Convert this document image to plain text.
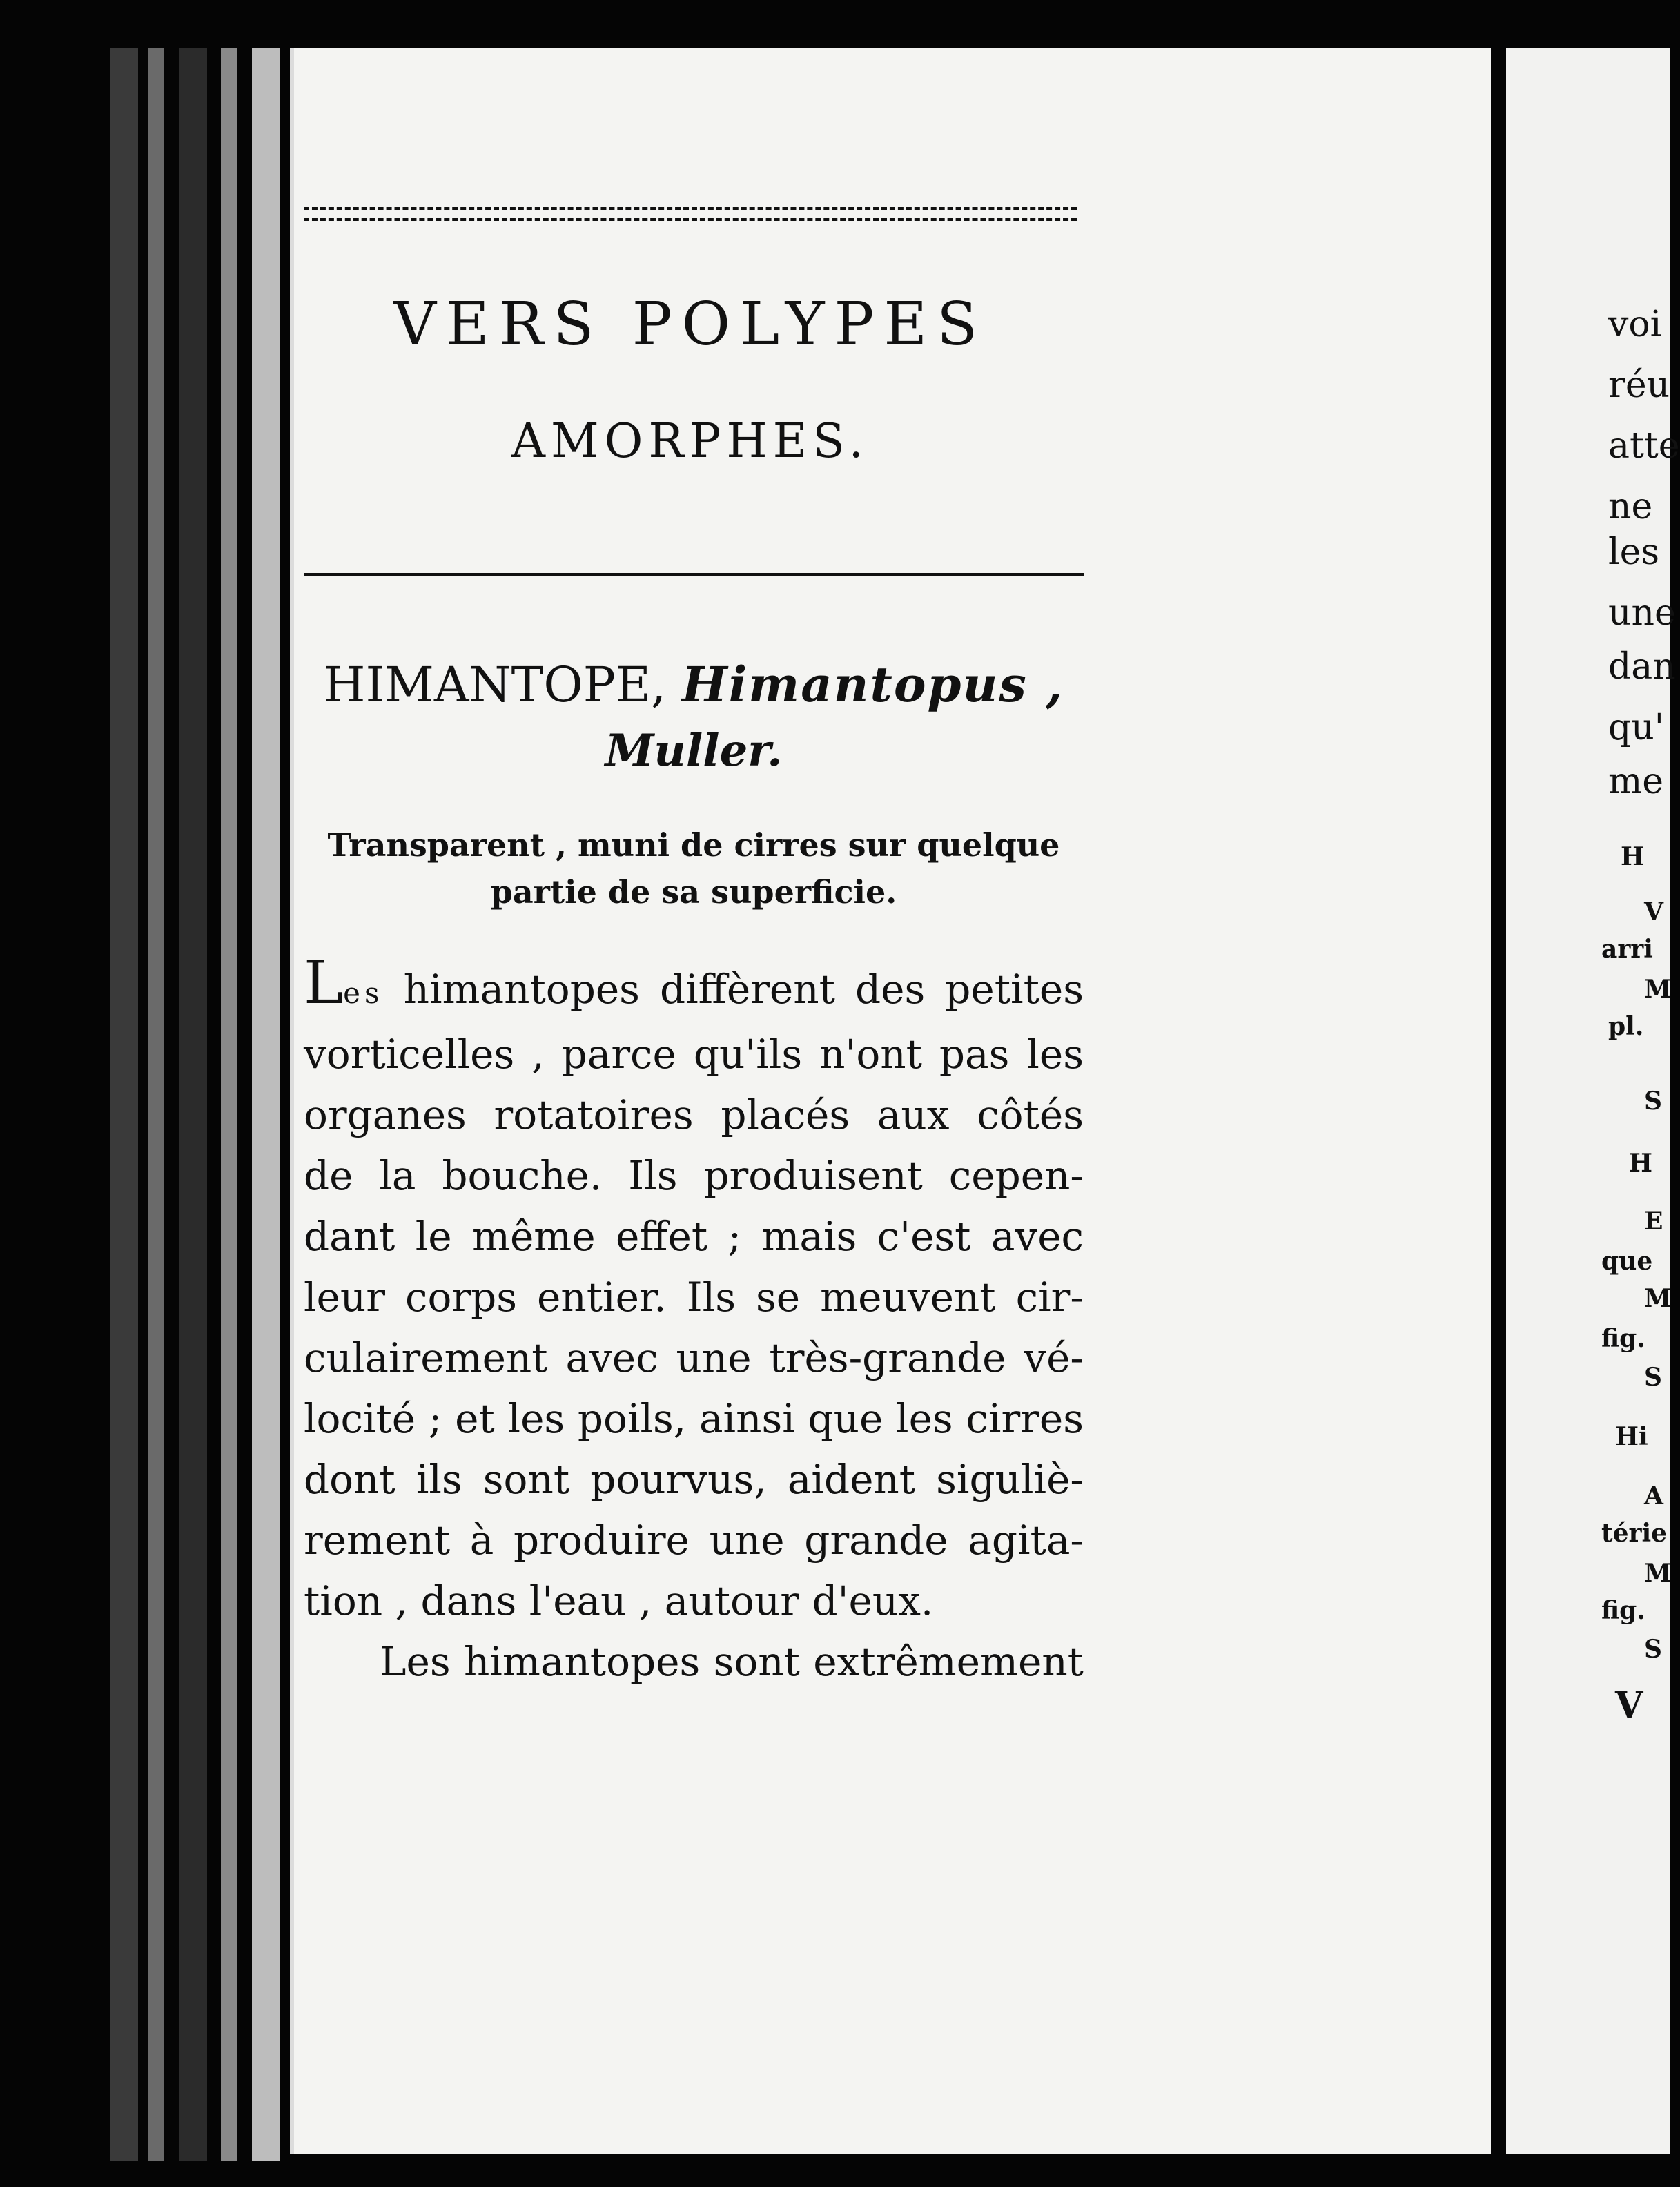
VERS POLYPES
AMORPHES.
HIMANTOPE, Himantopus ,
Muller.
Transparent , muni de cirres sur quelque
partie de sa superficie.
Les himantopes diffèrent des petites
vorticelles , parce qu'ils n'ont pas les
organes rotatoires placés aux côtés
de la bouche. Ils produisent cepen-
dant le même effet ; mais c'est avec
leur corps entier. Ils se meuvent cir-
culairement avec une très-grande vé-
locité ; et les poils, ainsi que les cirres
dont ils sont pourvus, aident siguliè-
rement à produire une grande agita-
tion , dans l'eau , autour d'eux.
Les himantopes sont extrêmement
voi
réu
atte
ne
les
une
dan
qu'
me
H
V
arri
M
pl.
S
H
E
que
M
fig.
S
Hi
A
térie
M
fig.
S
V
